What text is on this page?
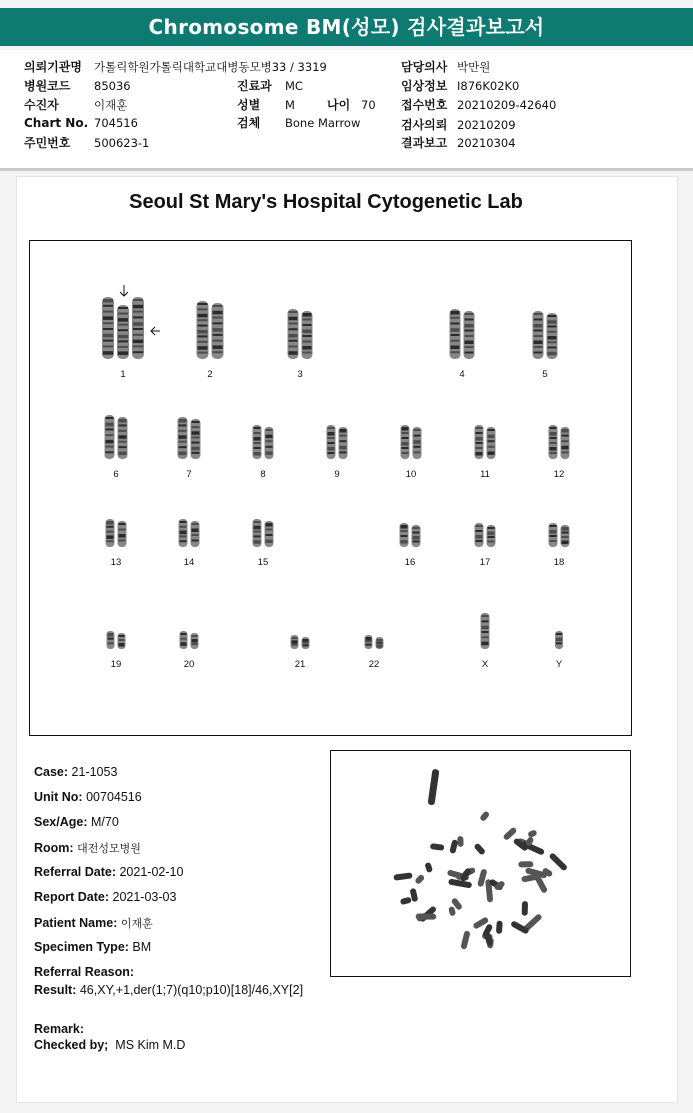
Chromosome BM(성모) 검사결과보고서
의뢰기관명 가톨릭학원가톨릭대학교대병동모병33 / 3319
병원코드 85036
수진자	이재훈
Chart No. 704516
주민번호 500623-1
진료과 MC
성별 M	나이 70
검체 Bone Marrow
담당의사 박만원
임상정보 I876K02K0
접수번호 20210209-42640
검사의뢰 20210209
결과보고 20210304
Seoul St Mary's Hospital Cytogenetic Lab
1	2	3	4	5
6	7	8	9	10	11	12
13	14	15	16	17	18
19	20	21	22	X	Y
Case: 21-1053
Unit No: 00704516
Sex/Age: M/70
Room: 대전성모병원
Referral Date: 2021-02-10
Report Date: 2021-03-03
Patient Name: 이재훈
Specimen Type: BM
Referral Reason:
Result: 46,XY,+1,der(1;7)(q10;p10)[18]/46,XY[2]
Remark:
Checked by; MS Kim M.D
